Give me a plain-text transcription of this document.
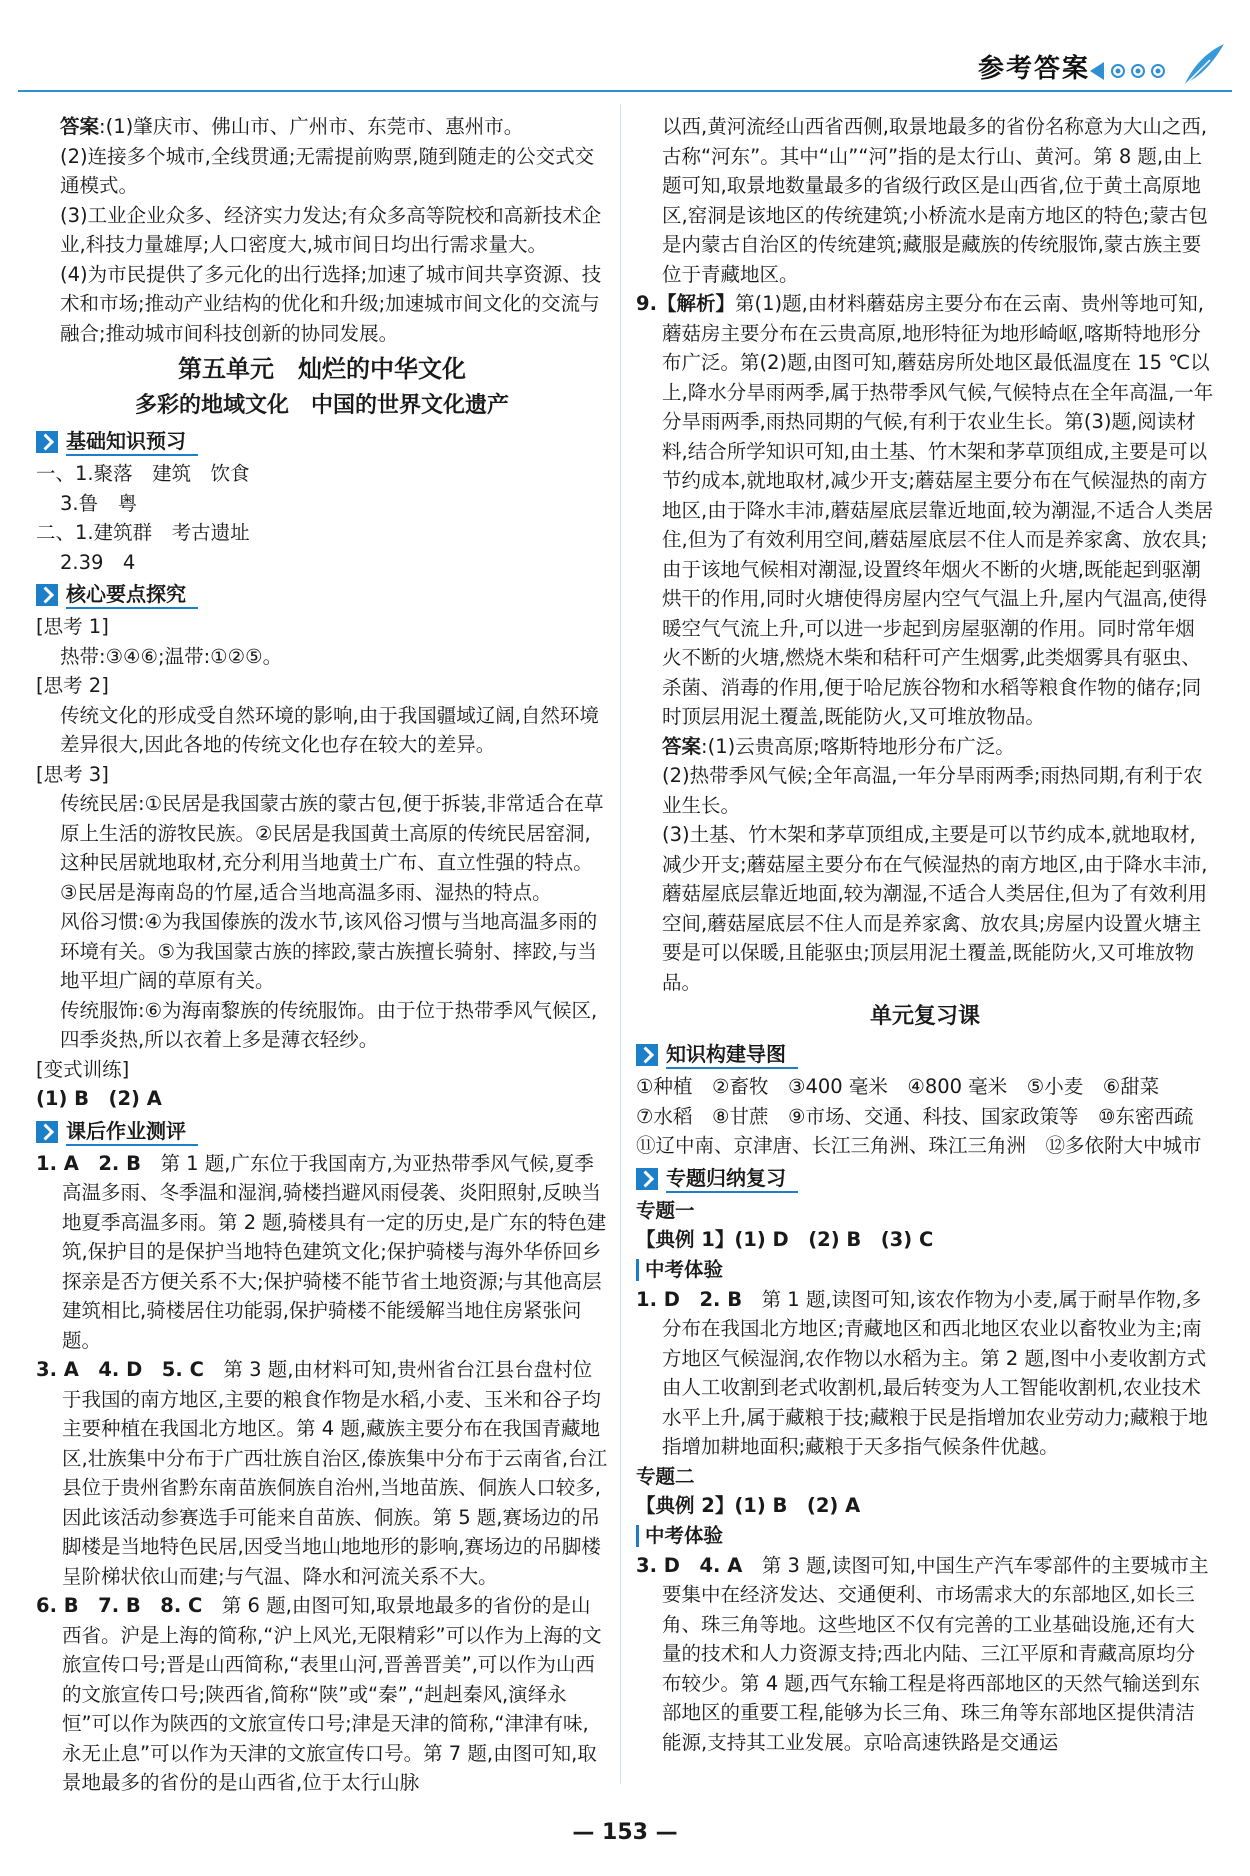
参考答案

答案:(1)肇庆市、佛山市、广州市、东莞市、惠州市。

(2)连接多个城市,全线贯通;无需提前购票,随到随走的公交式交通模式。

(3)工业企业众多、经济实力发达;有众多高等院校和高新技术企业,科技力量雄厚;人口密度大,城市间日均出行需求量大。

(4)为市民提供了多元化的出行选择;加速了城市间共享资源、技术和市场;推动产业结构的优化和升级;加速城市间文化的交流与融合;推动城市间科技创新的协同发展。

第五单元　灿烂的中华文化
多彩的地域文化　中国的世界文化遗产
基础知识预习

一、1.聚落　建筑　饮食

3.鲁　粤

二、1.建筑群　考古遗址

2.39　4

核心要点探究

[思考 1]

热带:③④⑥;温带:①②⑤。

[思考 2]

传统文化的形成受自然环境的影响,由于我国疆域辽阔,自然环境差异很大,因此各地的传统文化也存在较大的差异。

[思考 3]

传统民居:①民居是我国蒙古族的蒙古包,便于拆装,非常适合在草原上生活的游牧民族。②民居是我国黄土高原的传统民居窑洞,这种民居就地取材,充分利用当地黄土广布、直立性强的特点。③民居是海南岛的竹屋,适合当地高温多雨、湿热的特点。

风俗习惯:④为我国傣族的泼水节,该风俗习惯与当地高温多雨的环境有关。⑤为我国蒙古族的摔跤,蒙古族擅长骑射、摔跤,与当地平坦广阔的草原有关。

传统服饰:⑥为海南黎族的传统服饰。由于位于热带季风气候区,四季炎热,所以衣着上多是薄衣轻纱。

[变式训练]

(1) B　(2) A

课后作业测评

1. A　2. B　第 1 题,广东位于我国南方,为亚热带季风气候,夏季高温多雨、冬季温和湿润,骑楼挡避风雨侵袭、炎阳照射,反映当地夏季高温多雨。第 2 题,骑楼具有一定的历史,是广东的特色建筑,保护目的是保护当地特色建筑文化;保护骑楼与海外华侨回乡探亲是否方便关系不大;保护骑楼不能节省土地资源;与其他高层建筑相比,骑楼居住功能弱,保护骑楼不能缓解当地住房紧张问题。

3. A　4. D　5. C　第 3 题,由材料可知,贵州省台江县台盘村位于我国的南方地区,主要的粮食作物是水稻,小麦、玉米和谷子均主要种植在我国北方地区。第 4 题,藏族主要分布在我国青藏地区,壮族集中分布于广西壮族自治区,傣族集中分布于云南省,台江县位于贵州省黔东南苗族侗族自治州,当地苗族、侗族人口较多,因此该活动参赛选手可能来自苗族、侗族。第 5 题,赛场边的吊脚楼是当地特色民居,因受当地山地地形的影响,赛场边的吊脚楼呈阶梯状依山而建;与气温、降水和河流关系不大。

6. B　7. B　8. C　第 6 题,由图可知,取景地最多的省份的是山西省。沪是上海的简称,“沪上风光,无限精彩”可以作为上海的文旅宣传口号;晋是山西简称,“表里山河,晋善晋美”,可以作为山西的文旅宣传口号;陕西省,简称“陕”或“秦”,“赳赳秦风,演绎永恒”可以作为陕西的文旅宣传口号;津是天津的简称,“津津有味,永无止息”可以作为天津的文旅宣传口号。第 7 题,由图可知,取景地最多的省份的是山西省,位于太行山脉

以西,黄河流经山西省西侧,取景地最多的省份名称意为大山之西,古称“河东”。其中“山”“河”指的是太行山、黄河。第 8 题,由上题可知,取景地数量最多的省级行政区是山西省,位于黄土高原地区,窑洞是该地区的传统建筑;小桥流水是南方地区的特色;蒙古包是内蒙古自治区的传统建筑;藏服是藏族的传统服饰,蒙古族主要位于青藏地区。

9.【解析】第(1)题,由材料蘑菇房主要分布在云南、贵州等地可知,蘑菇房主要分布在云贵高原,地形特征为地形崎岖,喀斯特地形分布广泛。第(2)题,由图可知,蘑菇房所处地区最低温度在 15 ℃以上,降水分旱雨两季,属于热带季风气候,气候特点在全年高温,一年分旱雨两季,雨热同期的气候,有利于农业生长。第(3)题,阅读材料,结合所学知识可知,由土基、竹木架和茅草顶组成,主要是可以节约成本,就地取材,减少开支;蘑菇屋主要分布在气候湿热的南方地区,由于降水丰沛,蘑菇屋底层靠近地面,较为潮湿,不适合人类居住,但为了有效利用空间,蘑菇屋底层不住人而是养家禽、放农具;由于该地气候相对潮湿,设置终年烟火不断的火塘,既能起到驱潮烘干的作用,同时火塘使得房屋内空气气温上升,屋内气温高,使得暖空气气流上升,可以进一步起到房屋驱潮的作用。同时常年烟火不断的火塘,燃烧木柴和秸秆可产生烟雾,此类烟雾具有驱虫、杀菌、消毒的作用,便于哈尼族谷物和水稻等粮食作物的储存;同时顶层用泥土覆盖,既能防火,又可堆放物品。

答案:(1)云贵高原;喀斯特地形分布广泛。

(2)热带季风气候;全年高温,一年分旱雨两季;雨热同期,有利于农业生长。

(3)土基、竹木架和茅草顶组成,主要是可以节约成本,就地取材,减少开支;蘑菇屋主要分布在气候湿热的南方地区,由于降水丰沛,蘑菇屋底层靠近地面,较为潮湿,不适合人类居住,但为了有效利用空间,蘑菇屋底层不住人而是养家禽、放农具;房屋内设置火塘主要是可以保暖,且能驱虫;顶层用泥土覆盖,既能防火,又可堆放物品。

单元复习课
知识构建导图

①种植　②畜牧　③400 毫米　④800 毫米　⑤小麦　⑥甜菜

⑦水稻　⑧甘蔗　⑨市场、交通、科技、国家政策等　⑩东密西疏　⑪辽中南、京津唐、长江三角洲、珠江三角洲　⑫多依附大中城市

专题归纳复习

专题一

【典例 1】(1) D　(2) B　(3) C

中考体验

1. D　2. B　第 1 题,读图可知,该农作物为小麦,属于耐旱作物,多分布在我国北方地区;青藏地区和西北地区农业以畜牧业为主;南方地区气候湿润,农作物以水稻为主。第 2 题,图中小麦收割方式由人工收割到老式收割机,最后转变为人工智能收割机,农业技术水平上升,属于藏粮于技;藏粮于民是指增加农业劳动力;藏粮于地指增加耕地面积;藏粮于天多指气候条件优越。

专题二

【典例 2】(1) B　(2) A

中考体验

3. D　4. A　第 3 题,读图可知,中国生产汽车零部件的主要城市主要集中在经济发达、交通便利、市场需求大的东部地区,如长三角、珠三角等地。这些地区不仅有完善的工业基础设施,还有大量的技术和人力资源支持;西北内陆、三江平原和青藏高原均分布较少。第 4 题,西气东输工程是将西部地区的天然气输送到东部地区的重要工程,能够为长三角、珠三角等东部地区提供清洁能源,支持其工业发展。京哈高速铁路是交通运

— 153 —
